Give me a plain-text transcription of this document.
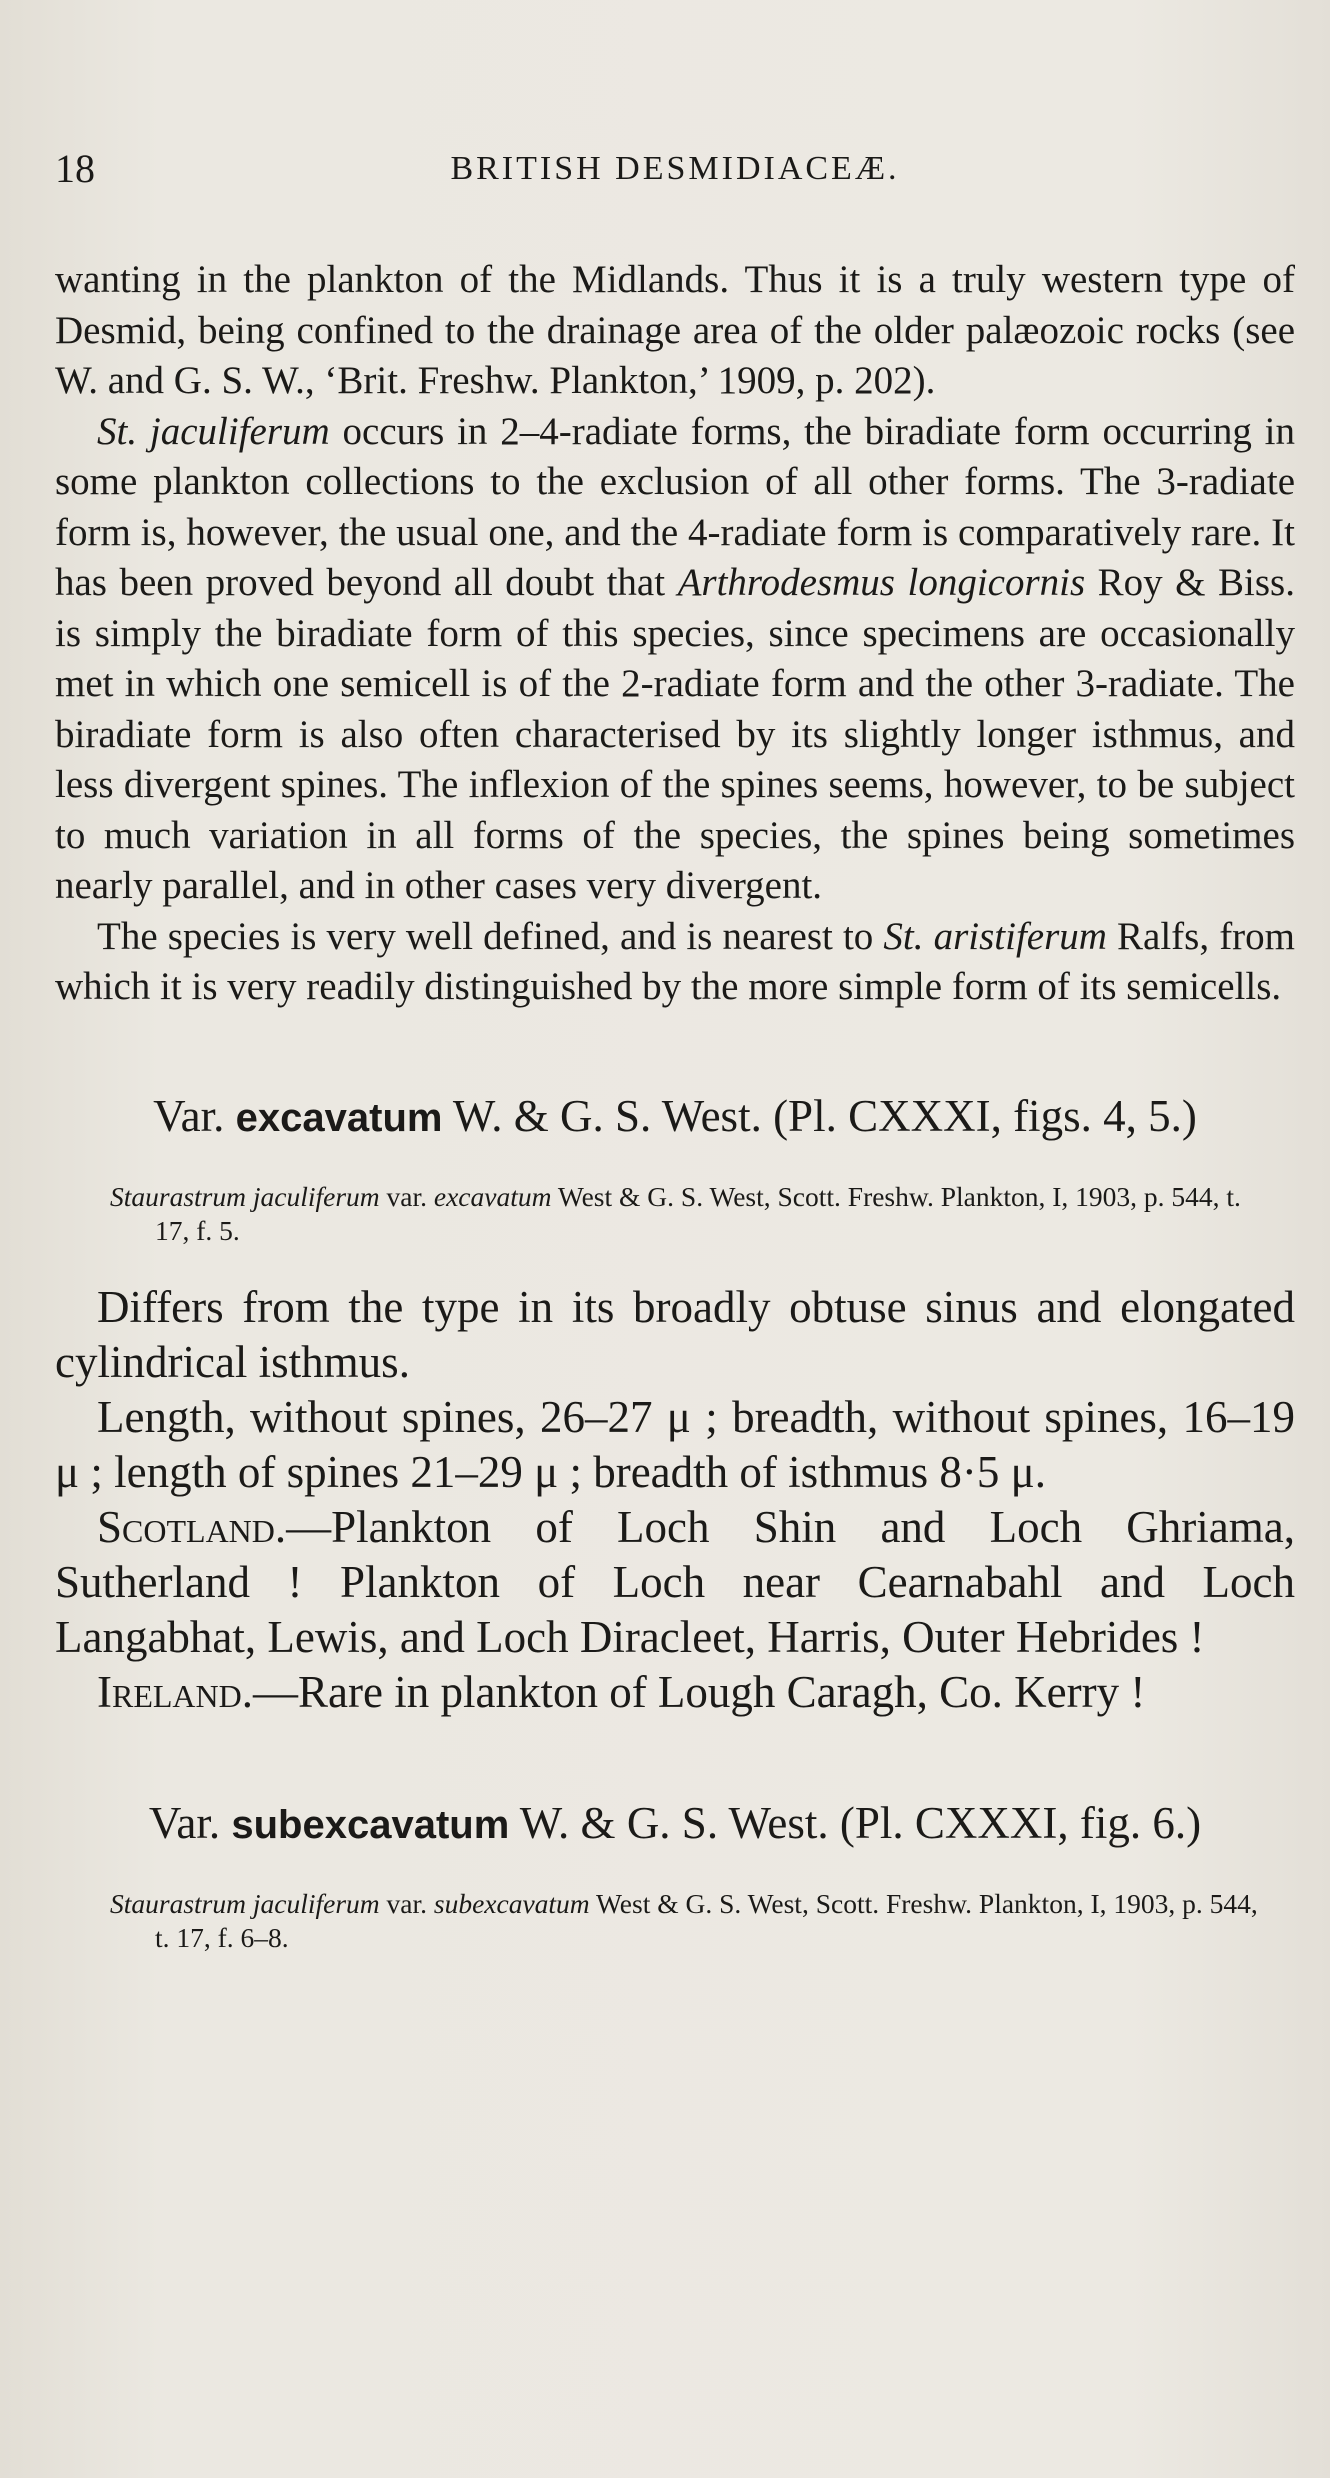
18	BRITISH DESMIDIACEÆ.

wanting in the plankton of the Midlands. Thus it is a truly western type of Desmid, being confined to the drainage area of the older palæozoic rocks (see W. and G. S. W., ‘Brit. Freshw. Plankton,’ 1909, p. 202).

St. jaculiferum occurs in 2–4-radiate forms, the biradiate form occurring in some plankton collections to the exclusion of all other forms. The 3-radiate form is, however, the usual one, and the 4-radiate form is comparatively rare. It has been proved beyond all doubt that Arthrodesmus longicornis Roy & Biss. is simply the biradiate form of this species, since specimens are occasionally met in which one semicell is of the 2-radiate form and the other 3-radiate. The biradiate form is also often characterised by its slightly longer isthmus, and less divergent spines. The inflexion of the spines seems, however, to be subject to much variation in all forms of the species, the spines being sometimes nearly parallel, and in other cases very divergent.

The species is very well defined, and is nearest to St. aristiferum Ralfs, from which it is very readily distinguished by the more simple form of its semicells.

Var. excavatum W. & G. S. West. (Pl. CXXXI, figs. 4, 5.)
Staurastrum jaculiferum var. excavatum West & G. S. West, Scott. Freshw. Plankton, I, 1903, p. 544, t. 17, f. 5.

Differs from the type in its broadly obtuse sinus and elongated cylindrical isthmus.

Length, without spines, 26–27 μ ; breadth, without spines, 16–19 μ ; length of spines 21–29 μ ; breadth of isthmus 8·5 μ.

Scotland.—Plankton of Loch Shin and Loch Ghriama, Sutherland ! Plankton of Loch near Cearnabahl and Loch Langabhat, Lewis, and Loch Diracleet, Harris, Outer Hebrides !

Ireland.—Rare in plankton of Lough Caragh, Co. Kerry !

Var. subexcavatum W. & G. S. West. (Pl. CXXXI, fig. 6.)
Staurastrum jaculiferum var. subexcavatum West & G. S. West, Scott. Freshw. Plankton, I, 1903, p. 544, t. 17, f. 6–8.
